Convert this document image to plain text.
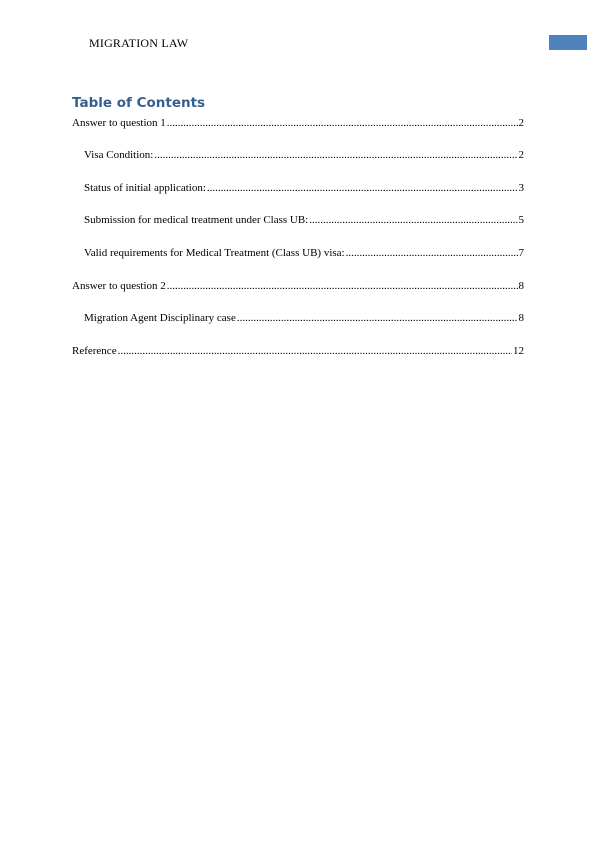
MIGRATION LAW
Table of Contents
Answer to question 1 .....	2
Visa Condition: .....	2
Status of initial application: .....	3
Submission for medical treatment under Class UB: .....	5
Valid requirements for Medical Treatment (Class UB) visa: .....	7
Answer to question 2 .....	8
Migration Agent Disciplinary case .....	8
Reference .....	12
